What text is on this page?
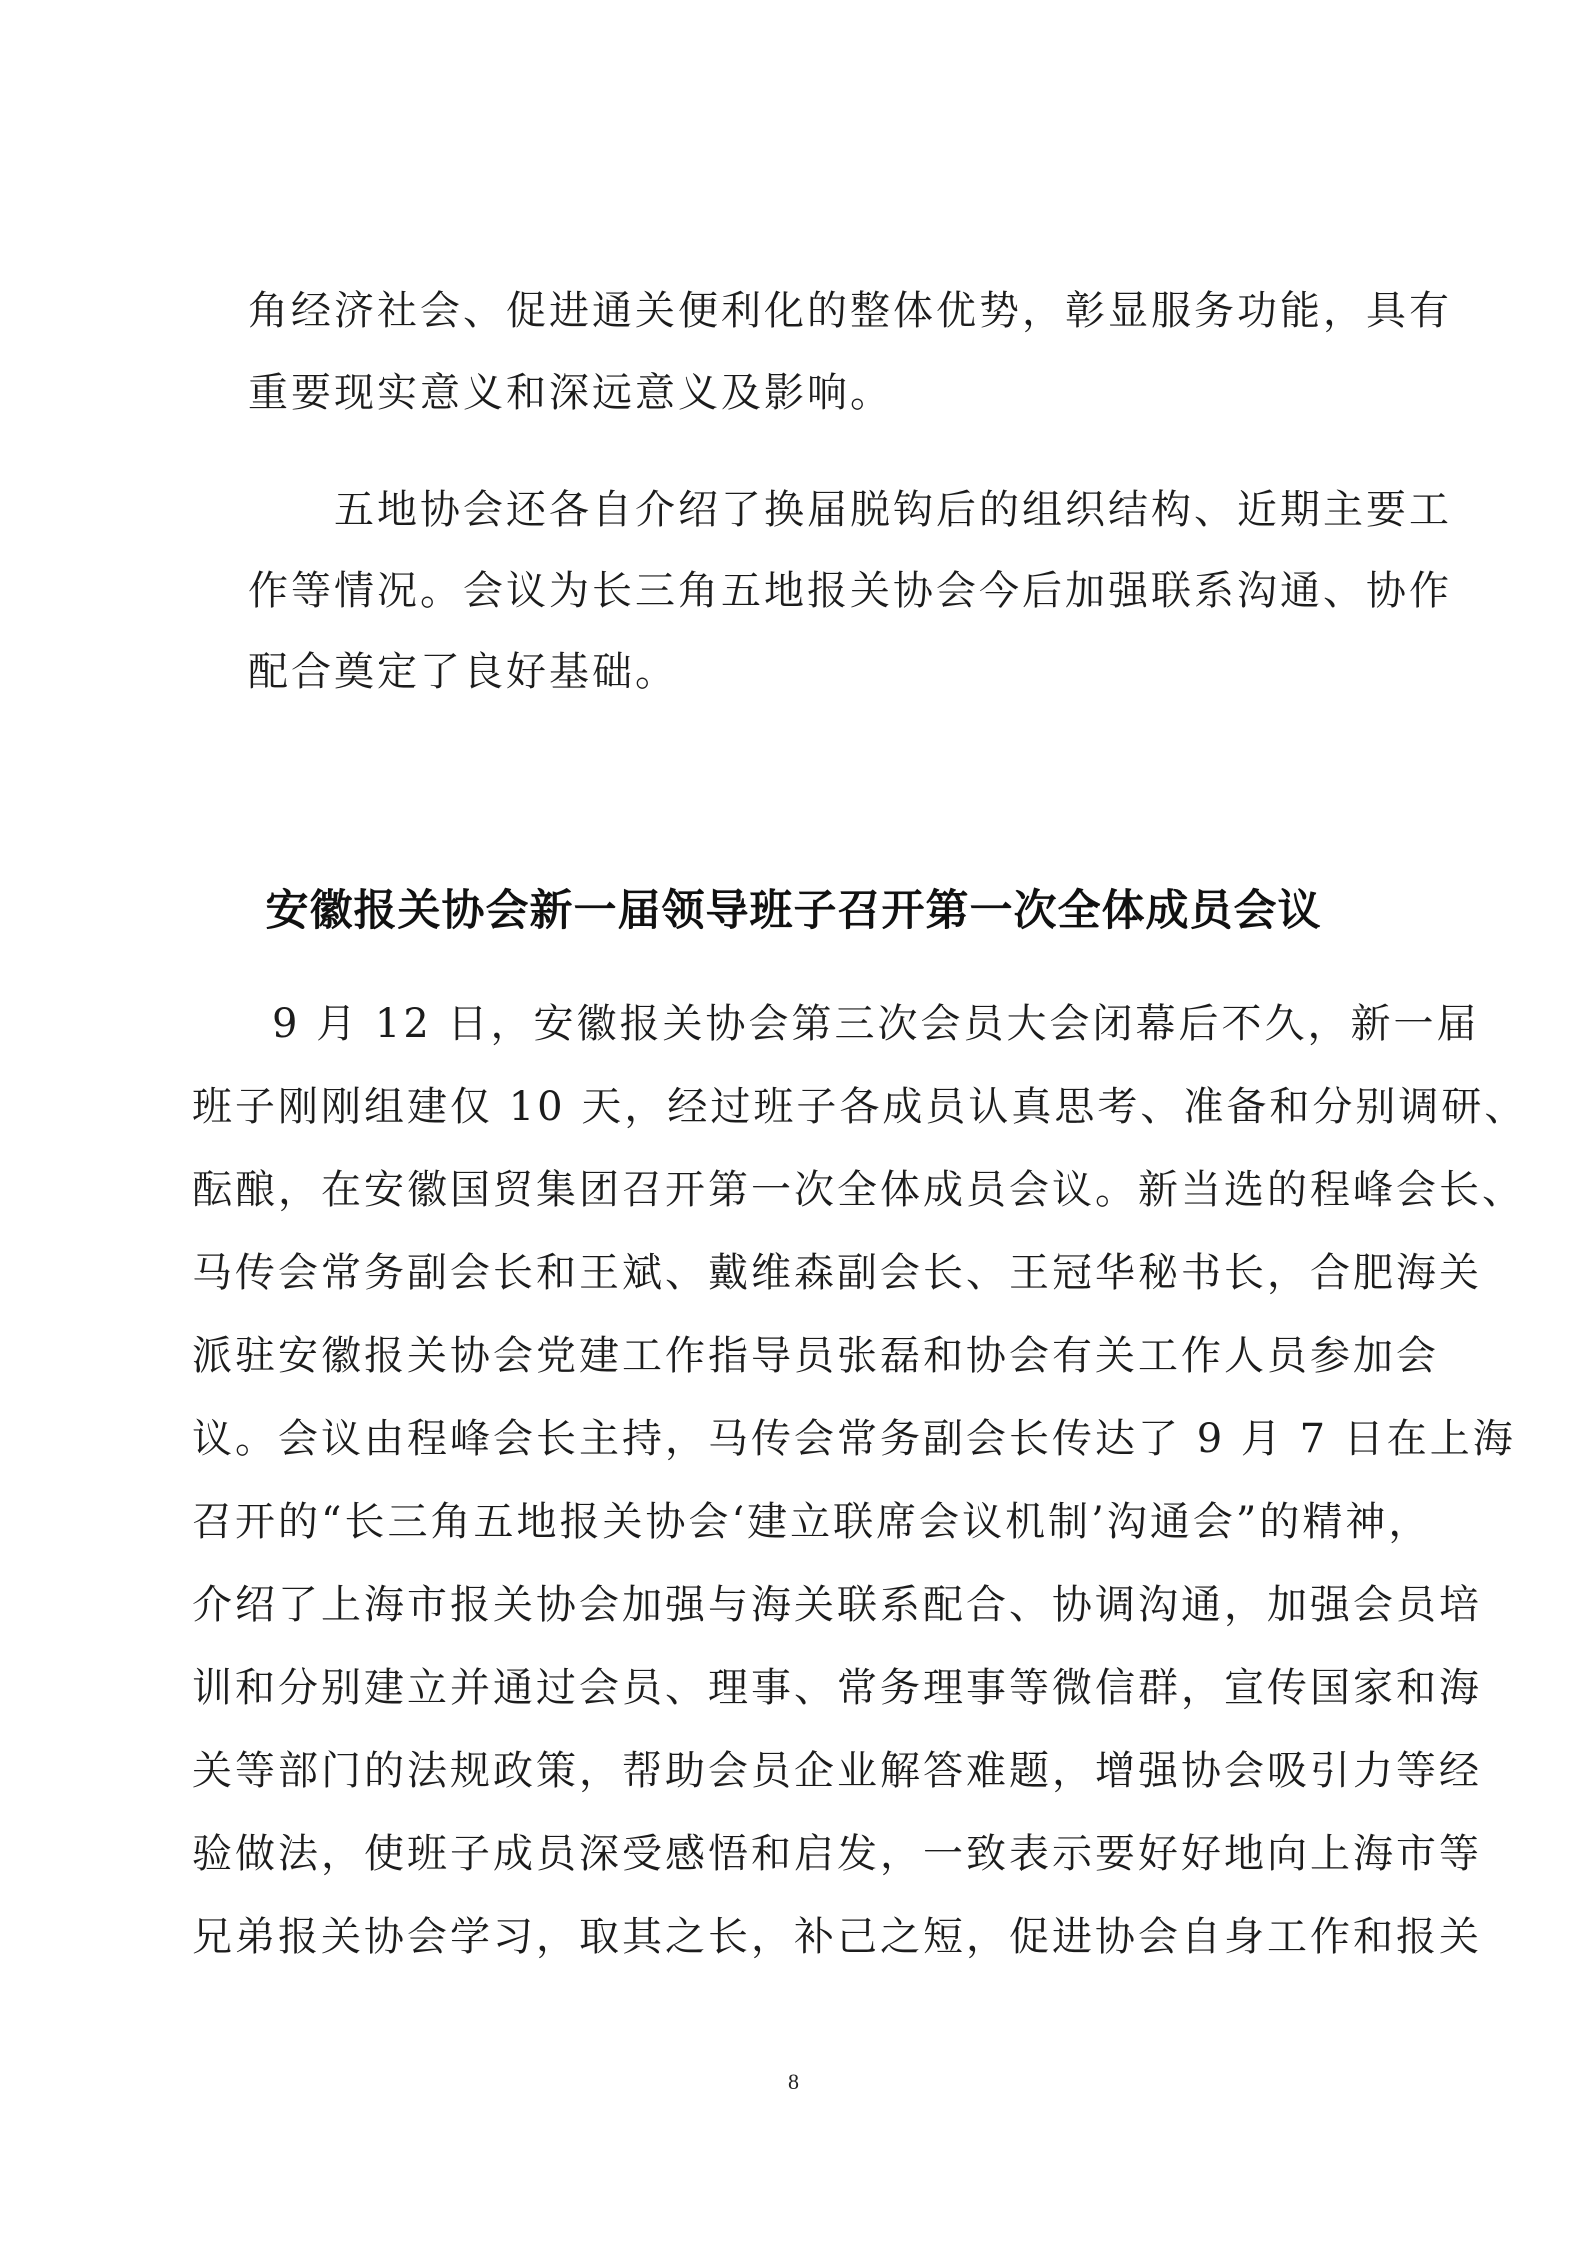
角经济社会、促进通关便利化的整体优势，彰显服务功能，具有
重要现实意义和深远意义及影响。
五地协会还各自介绍了换届脱钩后的组织结构、近期主要工
作等情况。会议为长三角五地报关协会今后加强联系沟通、协作
配合奠定了良好基础。
安徽报关协会新一届领导班子召开第一次全体成员会议
9 月 12 日，安徽报关协会第三次会员大会闭幕后不久，新一届
班子刚刚组建仅 10 天，经过班子各成员认真思考、准备和分别调研、
酝酿，在安徽国贸集团召开第一次全体成员会议。新当选的程峰会长、
马传会常务副会长和王斌、戴维森副会长、王冠华秘书长，合肥海关
派驻安徽报关协会党建工作指导员张磊和协会有关工作人员参加会
议。会议由程峰会长主持，马传会常务副会长传达了 9 月 7 日在上海
召开的“长三角五地报关协会‘建立联席会议机制’沟通会”的精神，
介绍了上海市报关协会加强与海关联系配合、协调沟通，加强会员培
训和分别建立并通过会员、理事、常务理事等微信群，宣传国家和海
关等部门的法规政策，帮助会员企业解答难题，增强协会吸引力等经
验做法，使班子成员深受感悟和启发，一致表示要好好地向上海市等
兄弟报关协会学习，取其之长，补己之短，促进协会自身工作和报关
8
